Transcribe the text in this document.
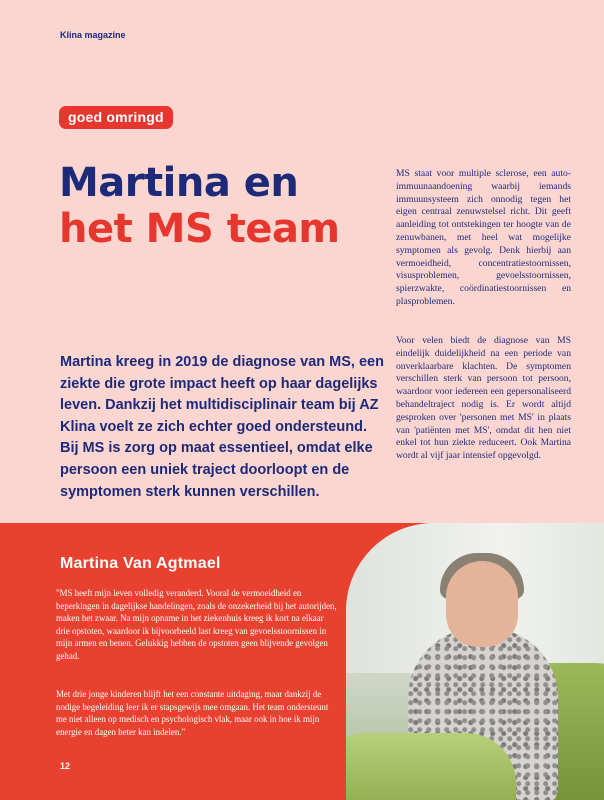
Klina magazine
goed omringd
Martina en
het MS team

MS staat voor multiple sclerose, een auto-immuunaandoening waarbij iemands immuunsysteem zich onnodig tegen het eigen centraal zenuwstelsel richt. Dit geeft aanleiding tot ontstekingen ter hoogte van de zenuwbanen, met heel wat mogelijke symptomen als gevolg. Denk hierbij aan vermoeidheid, concentratiestoornissen, visusproblemen, gevoelsstoornissen, spierzwakte, coördinatiestoornissen en plasproblemen.

Voor velen biedt de diagnose van MS eindelijk duidelijkheid na een periode van onverklaarbare klachten. De symptomen verschillen sterk van persoon tot persoon, waardoor voor iedereen een gepersonaliseerd behandeltraject nodig is. Er wordt altijd gesproken over 'personen met MS' in plaats van 'patiënten met MS', omdat dit hen niet enkel tot hun ziekte reduceert. Ook Martina wordt al vijf jaar intensief opgevolgd.

Martina kreeg in 2019 de diagnose van MS, een ziekte die grote impact heeft op haar dagelijks leven. Dankzij het multidisciplinair team bij AZ Klina voelt ze zich echter goed ondersteund. Bij MS is zorg op maat essentieel, omdat elke persoon een uniek traject doorloopt en de symptomen sterk kunnen verschillen.

Martina Van Agtmael

"MS heeft mijn leven volledig veranderd. Vooral de vermoeidheid en beperkingen in dagelijkse handelingen, zoals de onzekerheid bij het autorijden, maken het zwaar. Na mijn opname in het ziekenhuis kreeg ik kort na elkaar drie opstoten, waardoor ik bijvoorbeeld last kreeg van gevoelsstoornissen in mijn armen en benen. Gelukkig hebben de opstoten geen blijvende gevolgen gehad.

Met drie jonge kinderen blijft het een constante uitdaging, maar dankzij de nodige begeleiding leer ik er stapsgewijs mee omgaan. Het team ondersteunt me niet alleen op medisch en psychologisch vlak, maar ook in hoe ik mijn energie en dagen beter kan indelen."

12
